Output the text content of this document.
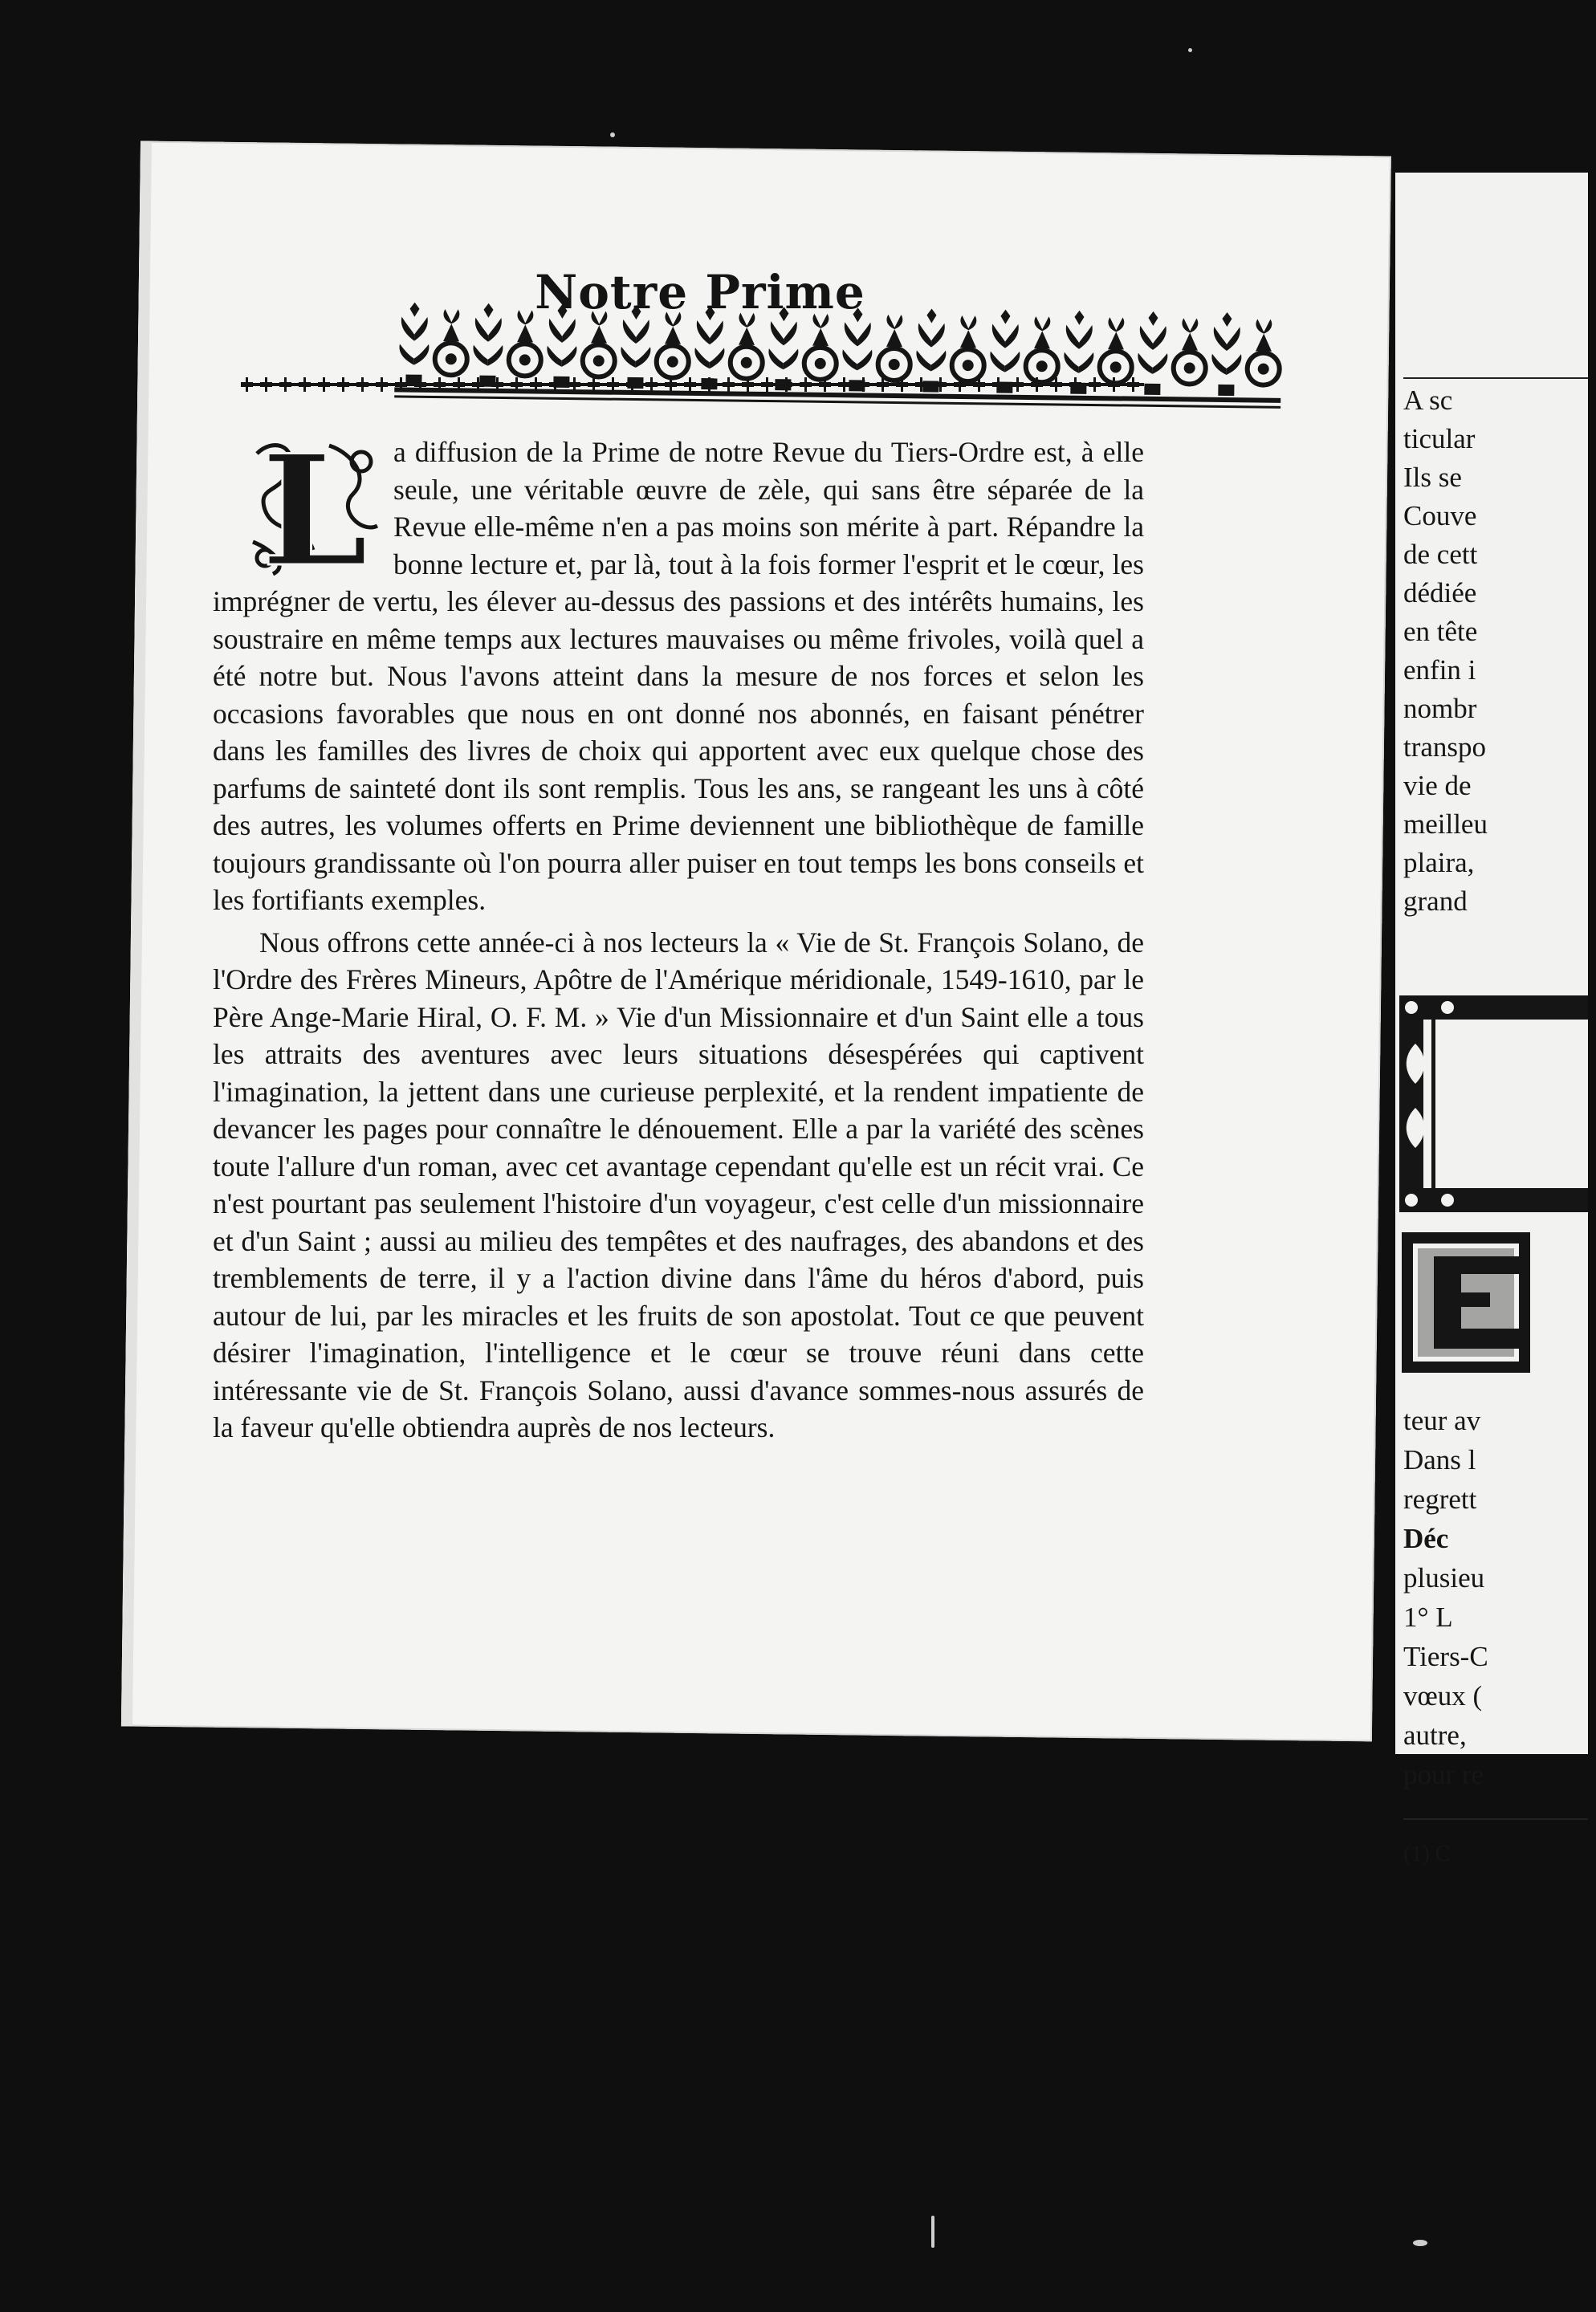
Notre Prime
L a diffusion de la Prime de notre Revue du Tiers-Ordre est, à elle seule, une véritable œuvre de zèle, qui sans être séparée de la Revue elle-même n'en a pas moins son mérite à part. Répandre la bonne lecture et, par là, tout à la fois former l'esprit et le cœur, les imprégner de vertu, les élever au-dessus des passions et des intérêts humains, les soustraire en même temps aux lectures mauvaises ou même frivoles, voilà quel a été notre but. Nous l'avons atteint dans la mesure de nos forces et selon les occasions favorables que nous en ont donné nos abonnés, en faisant pénétrer dans les familles des livres de choix qui apportent avec eux quelque chose des parfums de sainteté dont ils sont remplis. Tous les ans, se rangeant les uns à côté des autres, les volumes offerts en Prime deviennent une bibliothèque de famille toujours grandissante où l'on pourra aller puiser en tout temps les bons conseils et les fortifiants exemples.

Nous offrons cette année-ci à nos lecteurs la « Vie de St. François Solano, de l'Ordre des Frères Mineurs, Apôtre de l'Amérique méridionale, 1549-1610, par le Père Ange-Marie Hiral, O. F. M. » Vie d'un Missionnaire et d'un Saint elle a tous les attraits des aventures avec leurs situations désespérées qui captivent l'imagination, la jettent dans une curieuse perplexité, et la rendent impatiente de devancer les pages pour connaître le dénouement. Elle a par la variété des scènes toute l'allure d'un roman, avec cet avantage cependant qu'elle est un récit vrai. Ce n'est pourtant pas seulement l'histoire d'un voyageur, c'est celle d'un missionnaire et d'un Saint ; aussi au milieu des tempêtes et des naufrages, des abandons et des tremblements de terre, il y a l'action divine dans l'âme du héros d'abord, puis autour de lui, par les miracles et les fruits de son apostolat. Tout ce que peuvent désirer l'imagination, l'intelligence et le cœur se trouve réuni dans cette intéressante vie de St. François Solano, aussi d'avance sommes-nous assurés de la faveur qu'elle obtiendra auprès de nos lecteurs.

A sc
ticular
Ils se
Couve
de cett
dédiée
en tête
enfin i
nombr
transpo
vie de
meilleu
plaira,
grand
teur av
Dans l
regrett
Déc
plusieu
1° L
Tiers-C
vœux (
autre,
pour re
(1) C
